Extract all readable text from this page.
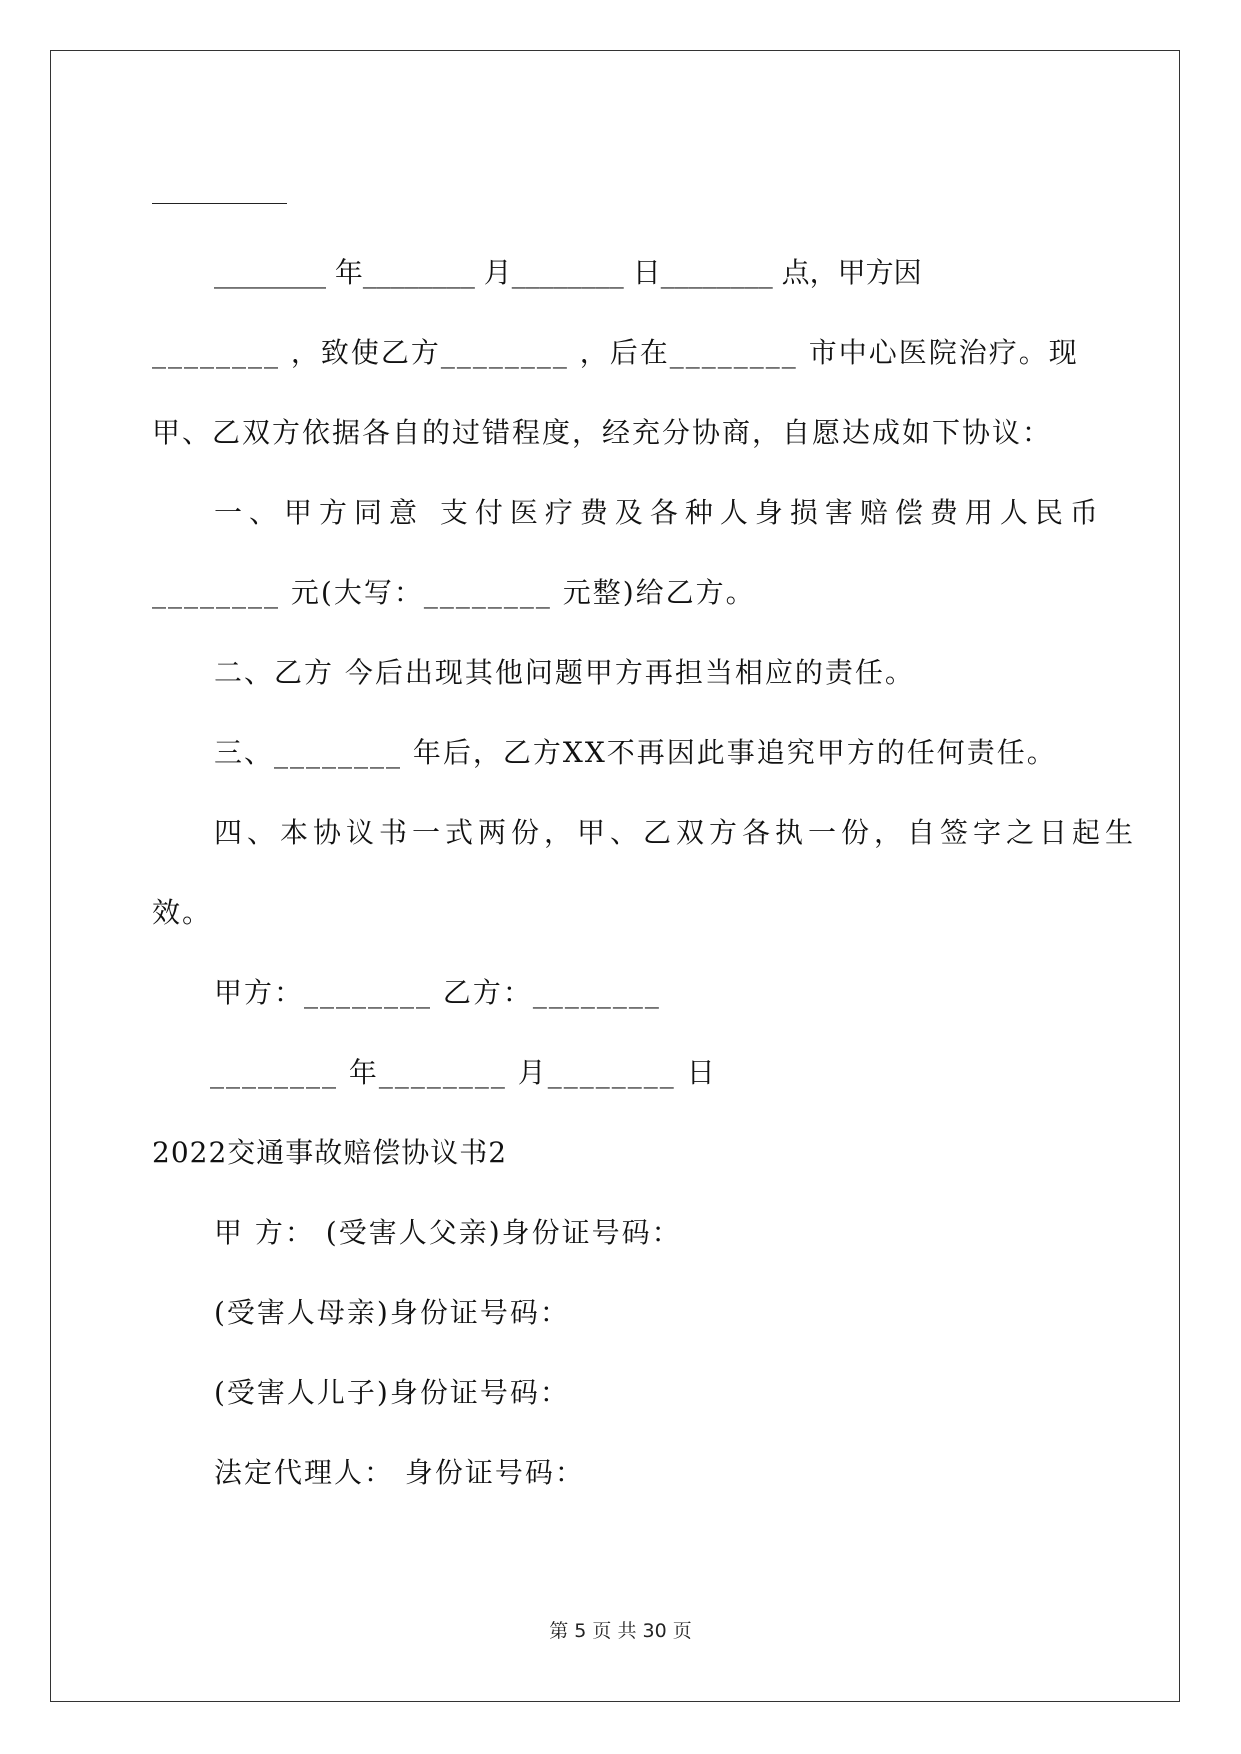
________ 年________ 月________ 日________ 点，甲方因
________ ，致使乙方________ ，后在________ 市中心医院治疗。现
甲、乙双方依据各自的过错程度，经充分协商，自愿达成如下协议：
一、甲方同意 支付医疗费及各种人身损害赔偿费用人民币
________ 元(大写：________ 元整)给乙方。
二、乙方 今后出现其他问题甲方再担当相应的责任。
三、________ 年后，乙方XX不再因此事追究甲方的任何责任。
四、本协议书一式两份，甲、乙双方各执一份，自签字之日起生
效。
甲方：________ 乙方：________
________ 年________ 月________ 日
2022交通事故赔偿协议书2
甲 方： (受害人父亲)身份证号码：
(受害人母亲)身份证号码：
(受害人儿子)身份证号码：
法定代理人： 身份证号码：
第 5 页 共 30 页
